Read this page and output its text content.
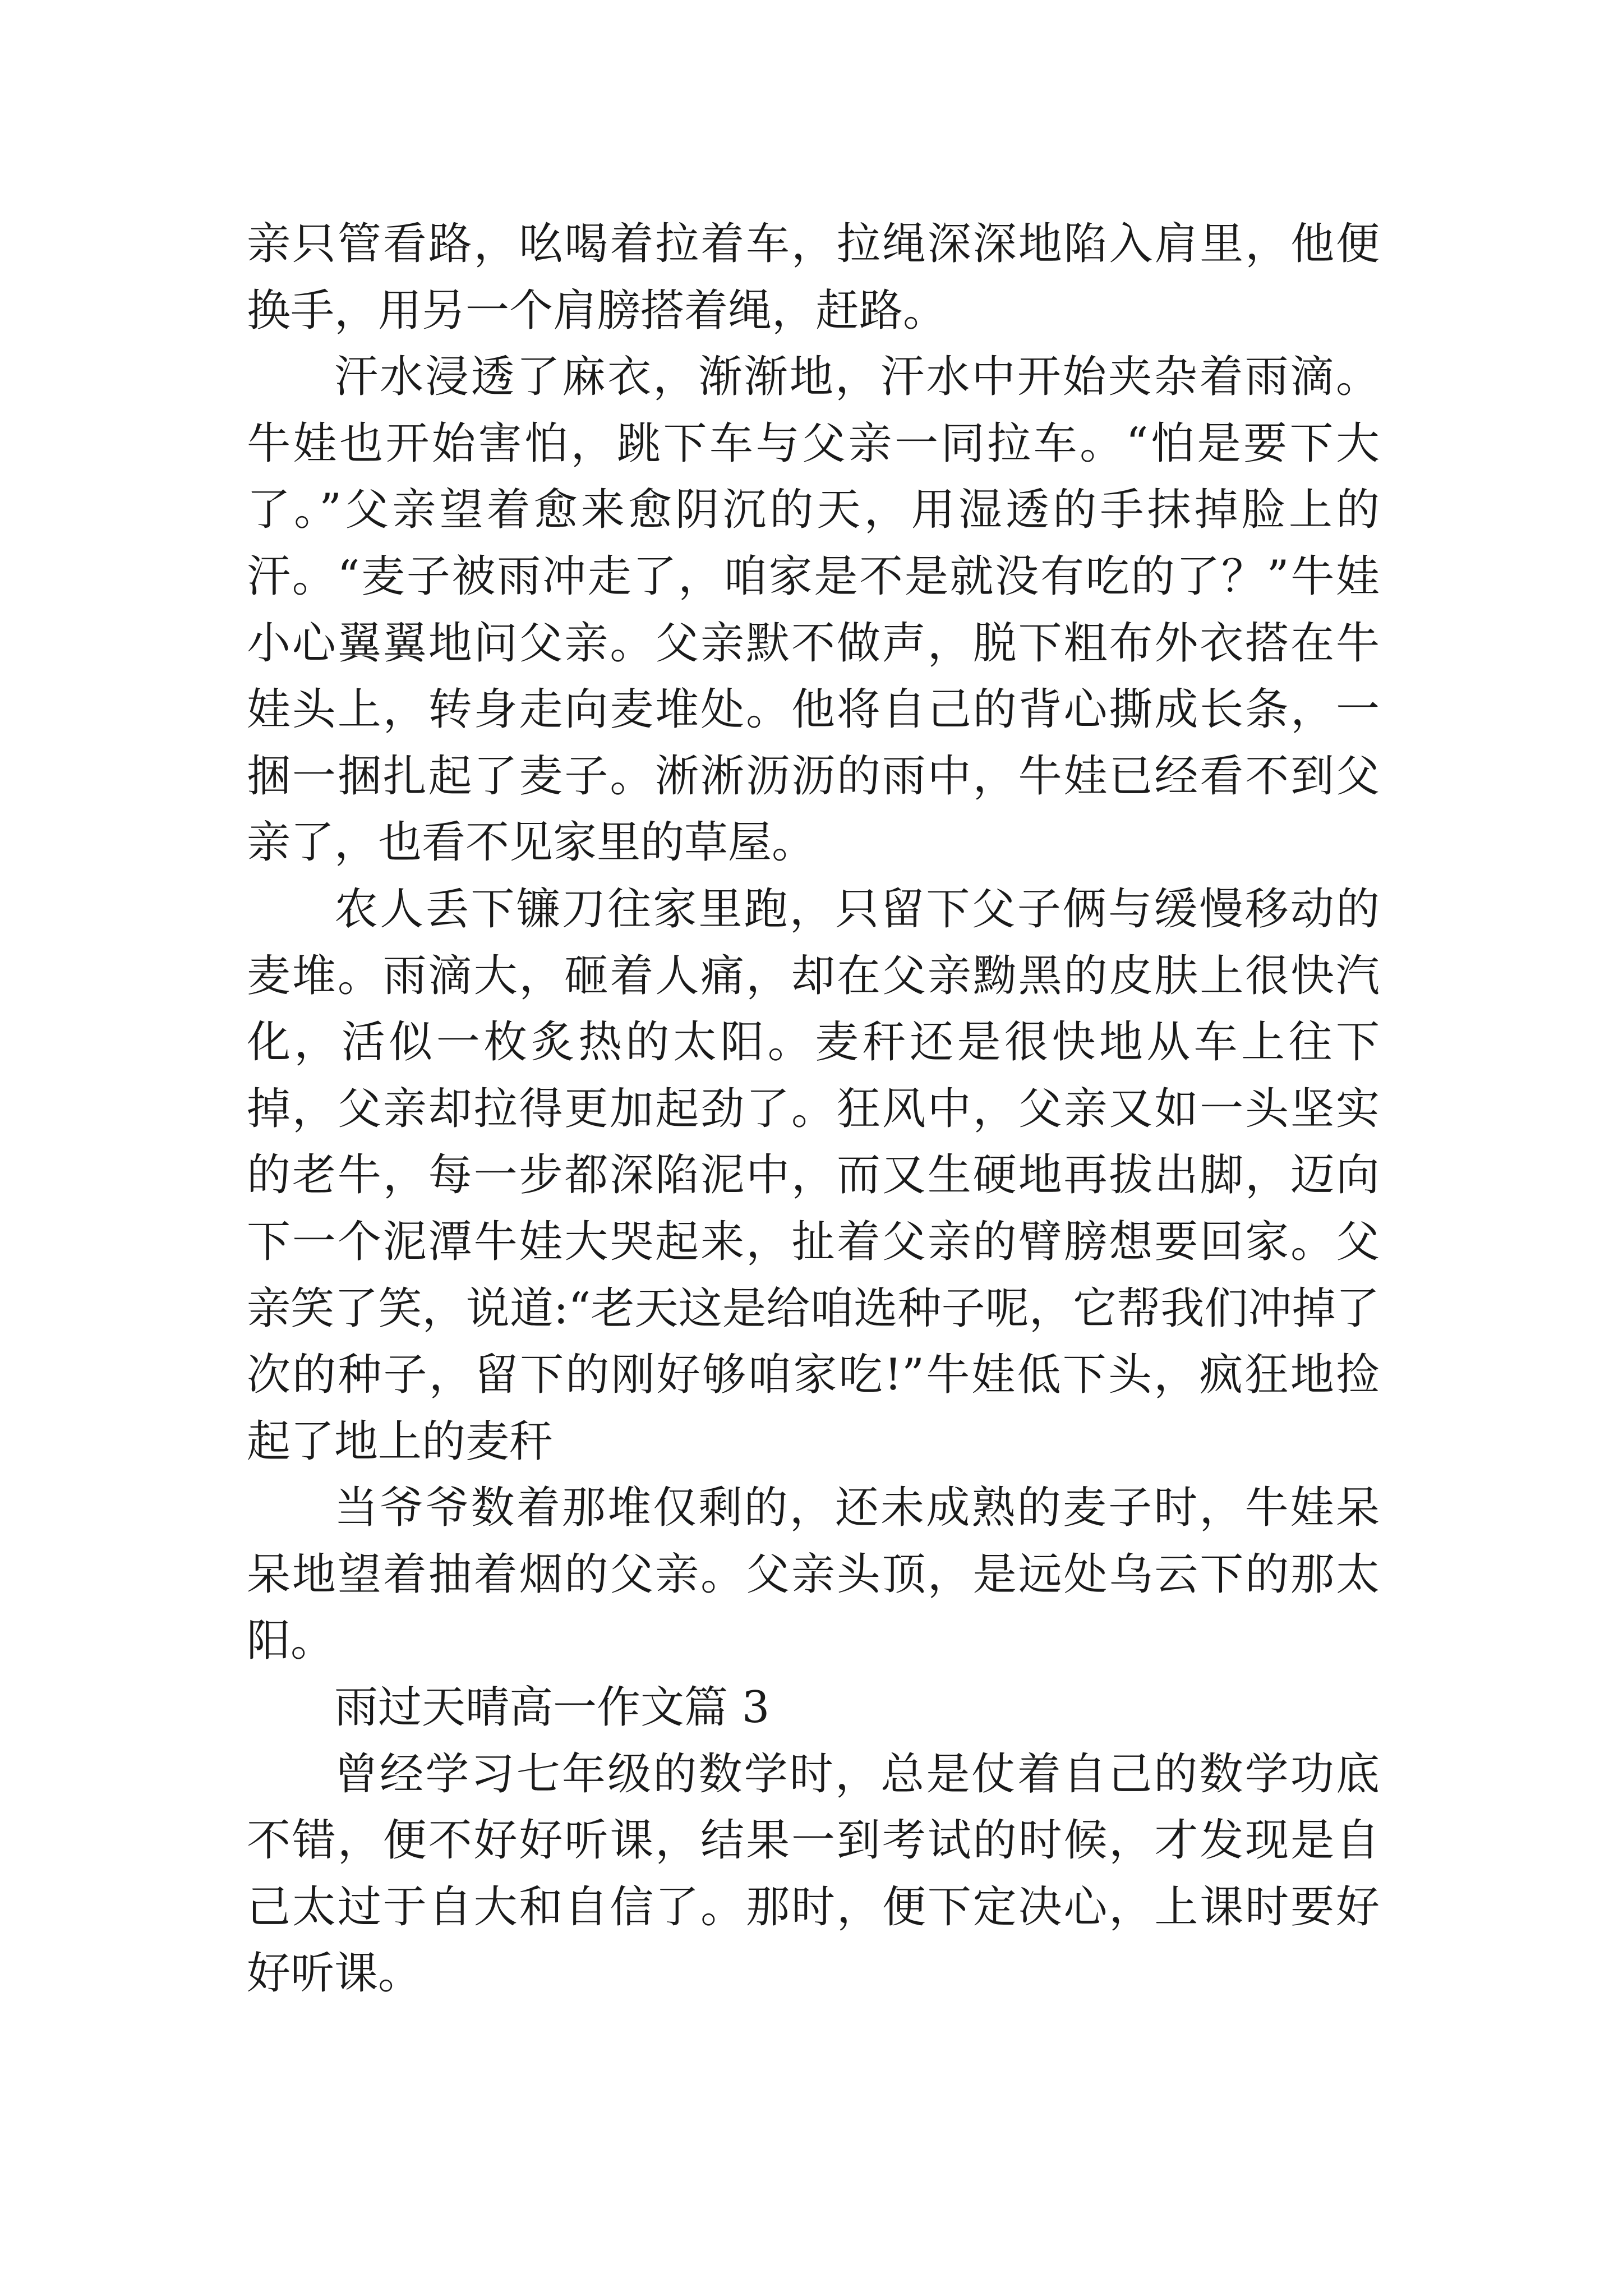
亲只管看路，吆喝着拉着车，拉绳深深地陷入肩里，他便换手，用另一个肩膀搭着绳，赶路。

汗水浸透了麻衣，渐渐地，汗水中开始夹杂着雨滴。牛娃也开始害怕，跳下车与父亲一同拉车。“怕是要下大了。”父亲望着愈来愈阴沉的天，用湿透的手抹掉脸上的汗。“麦子被雨冲走了，咱家是不是就没有吃的了？”牛娃小心翼翼地问父亲。父亲默不做声，脱下粗布外衣搭在牛娃头上，转身走向麦堆处。他将自己的背心撕成长条，一捆一捆扎起了麦子。淅淅沥沥的雨中，牛娃已经看不到父亲了，也看不见家里的草屋。

农人丢下镰刀往家里跑，只留下父子俩与缓慢移动的麦堆。雨滴大，砸着人痛，却在父亲黝黑的皮肤上很快汽化，活似一枚炙热的太阳。麦秆还是很快地从车上往下掉，父亲却拉得更加起劲了。狂风中，父亲又如一头坚实的老牛，每一步都深陷泥中，而又生硬地再拔出脚，迈向下一个泥潭牛娃大哭起来，扯着父亲的臂膀想要回家。父亲笑了笑，说道:“老天这是给咱选种子呢，它帮我们冲掉了次的种子，留下的刚好够咱家吃!”牛娃低下头，疯狂地捡起了地上的麦秆

当爷爷数着那堆仅剩的，还未成熟的麦子时，牛娃呆呆地望着抽着烟的父亲。父亲头顶，是远处乌云下的那太阳。

雨过天晴高一作文篇 3

曾经学习七年级的数学时，总是仗着自己的数学功底不错，便不好好听课，结果一到考试的时候，才发现是自己太过于自大和自信了。那时，便下定决心，上课时要好好听课。
